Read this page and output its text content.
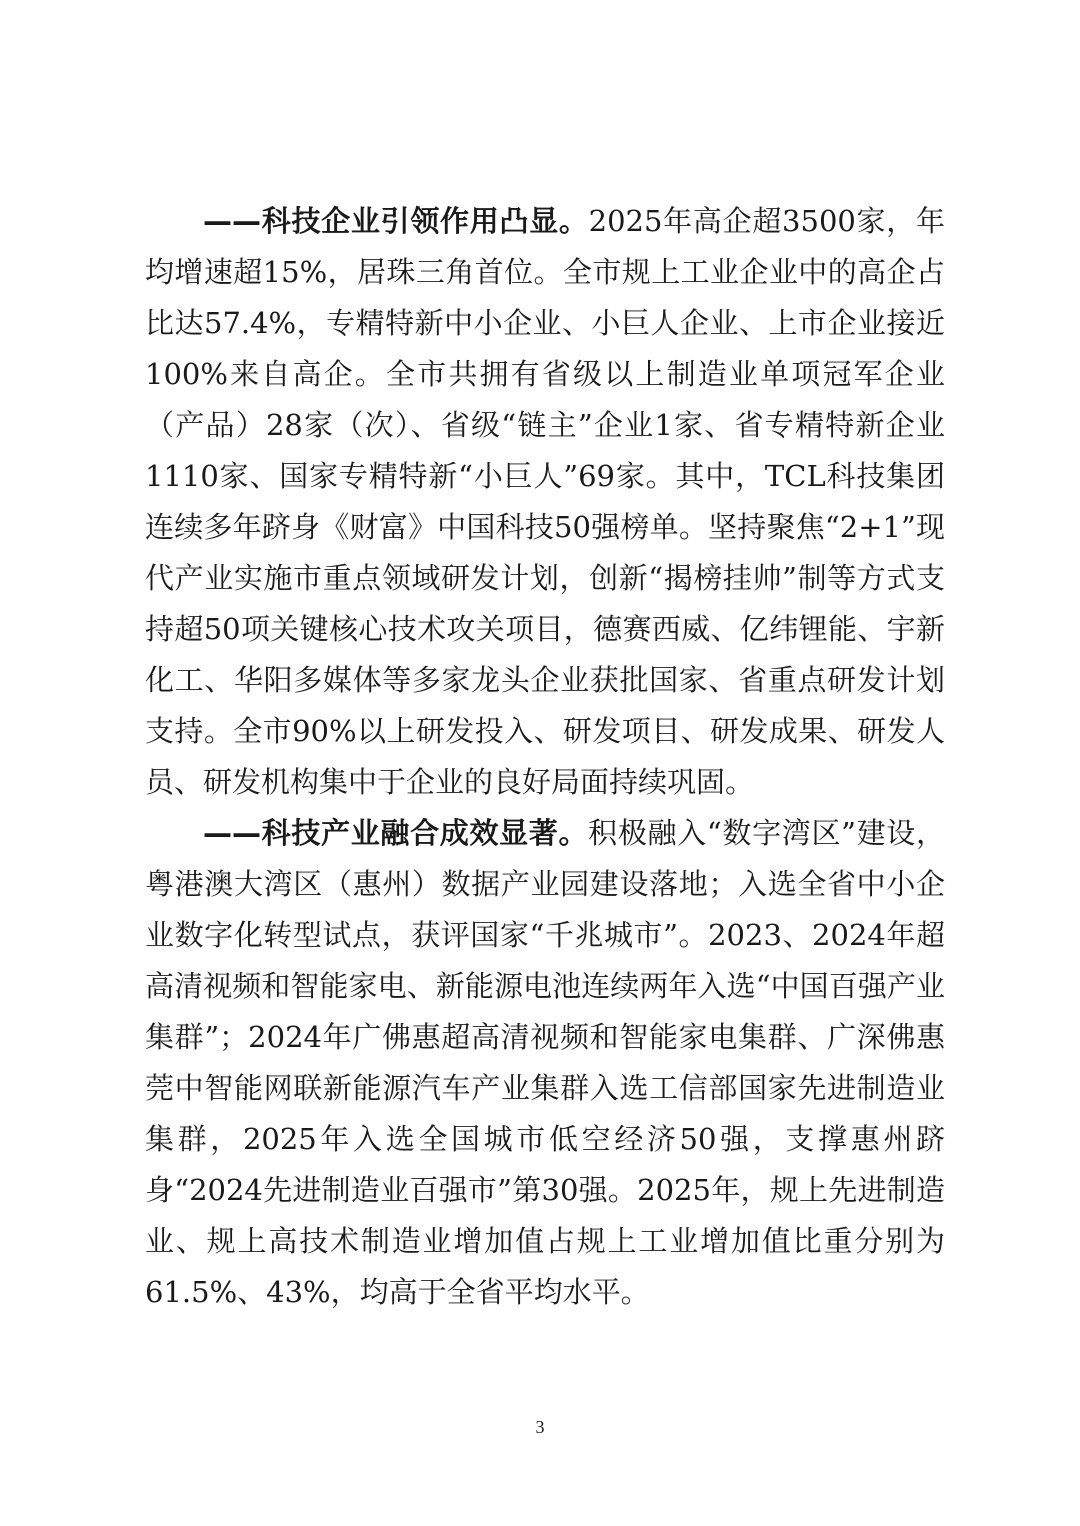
——科技企业引领作用凸显。2025年高企超3500家，年均增速超15%，居珠三角首位。全市规上工业企业中的高企占比达57.4%，专精特新中小企业、小巨人企业、上市企业接近100%来自高企。全市共拥有省级以上制造业单项冠军企业（产品）28家（次）、省级“链主”企业1家、省专精特新企业1110家、国家专精特新“小巨人”69家。其中，TCL科技集团连续多年跻身《财富》中国科技50强榜单。坚持聚焦“2+1”现代产业实施市重点领域研发计划，创新“揭榜挂帅”制等方式支持超50项关键核心技术攻关项目，德赛西威、亿纬锂能、宇新化工、华阳多媒体等多家龙头企业获批国家、省重点研发计划支持。全市90%以上研发投入、研发项目、研发成果、研发人员、研发机构集中于企业的良好局面持续巩固。

——科技产业融合成效显著。积极融入“数字湾区”建设，粤港澳大湾区（惠州）数据产业园建设落地；入选全省中小企业数字化转型试点，获评国家“千兆城市”。2023、2024年超高清视频和智能家电、新能源电池连续两年入选“中国百强产业集群”；2024年广佛惠超高清视频和智能家电集群、广深佛惠莞中智能网联新能源汽车产业集群入选工信部国家先进制造业集群，2025年入选全国城市低空经济50强，支撑惠州跻身“2024先进制造业百强市”第30强。2025年，规上先进制造业、规上高技术制造业增加值占规上工业增加值比重分别为61.5%、43%，均高于全省平均水平。

3
